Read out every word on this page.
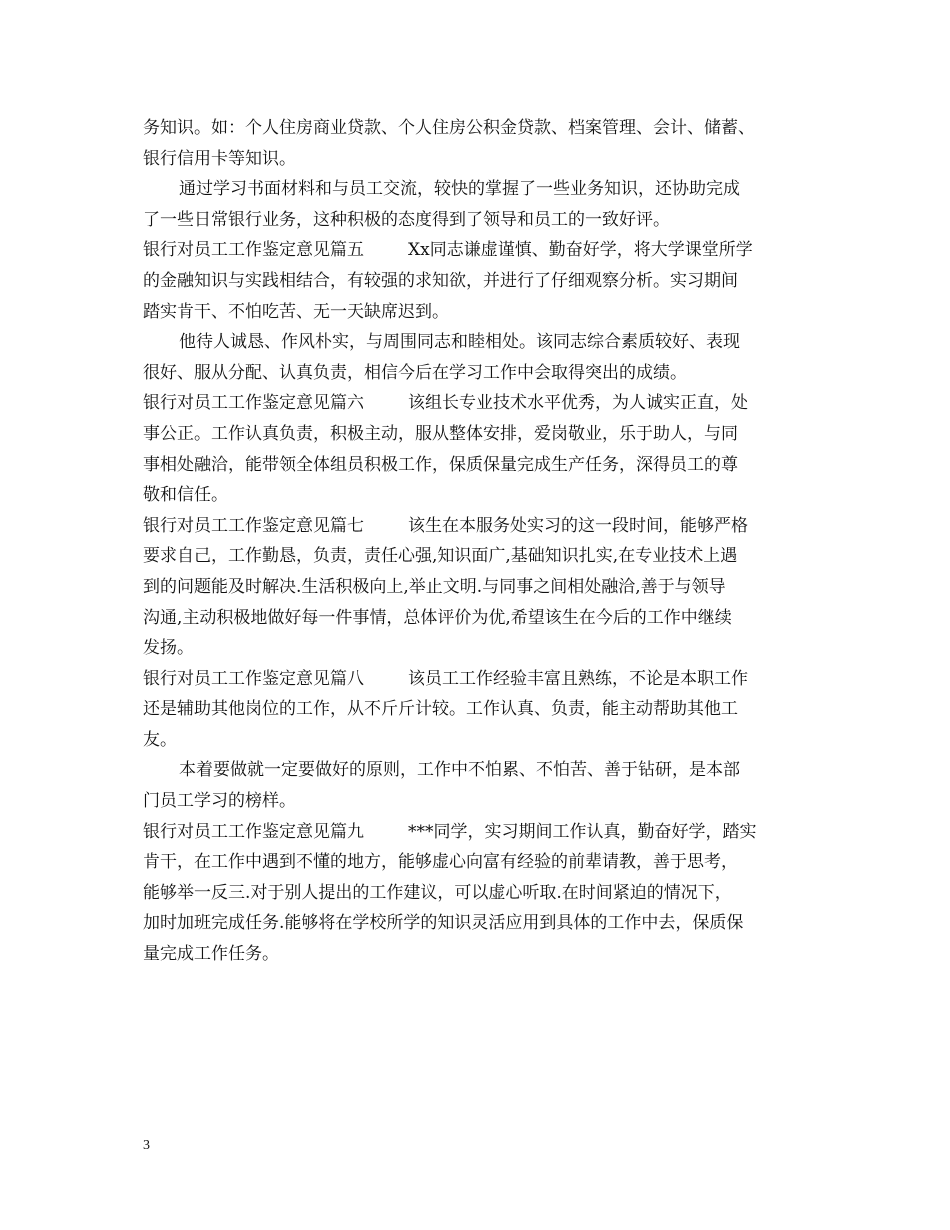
务知识。如：个人住房商业贷款、个人住房公积金贷款、档案管理、会计、储蓄、
银行信用卡等知识。
通过学习书面材料和与员工交流，较快的掌握了一些业务知识，还协助完成
了一些日常银行业务，这种积极的态度得到了领导和员工的一致好评。
银行对员工工作鉴定意见篇五	Xx同志谦虚谨慎、勤奋好学，将大学课堂所学
的金融知识与实践相结合，有较强的求知欲，并进行了仔细观察分析。实习期间
踏实肯干、不怕吃苦、无一天缺席迟到。
他待人诚恳、作风朴实，与周围同志和睦相处。该同志综合素质较好、表现
很好、服从分配、认真负责，相信今后在学习工作中会取得突出的成绩。
银行对员工工作鉴定意见篇六	该组长专业技术水平优秀，为人诚实正直，处
事公正。工作认真负责，积极主动，服从整体安排，爱岗敬业，乐于助人，与同
事相处融洽，能带领全体组员积极工作，保质保量完成生产任务，深得员工的尊
敬和信任。
银行对员工工作鉴定意见篇七	该生在本服务处实习的这一段时间，能够严格
要求自己，工作勤恳，负责，责任心强,知识面广,基础知识扎实,在专业技术上遇
到的问题能及时解决.生活积极向上,举止文明.与同事之间相处融洽,善于与领导
沟通,主动积极地做好每一件事情，总体评价为优,希望该生在今后的工作中继续
发扬。
银行对员工工作鉴定意见篇八	该员工工作经验丰富且熟练，不论是本职工作
还是辅助其他岗位的工作，从不斤斤计较。工作认真、负责，能主动帮助其他工
友。
本着要做就一定要做好的原则，工作中不怕累、不怕苦、善于钻研，是本部
门员工学习的榜样。
银行对员工工作鉴定意见篇九	***同学，实习期间工作认真，勤奋好学，踏实
肯干，在工作中遇到不懂的地方，能够虚心向富有经验的前辈请教，善于思考，
能够举一反三.对于别人提出的工作建议，可以虚心听取.在时间紧迫的情况下，
加时加班完成任务.能够将在学校所学的知识灵活应用到具体的工作中去，保质保
量完成工作任务。
3
